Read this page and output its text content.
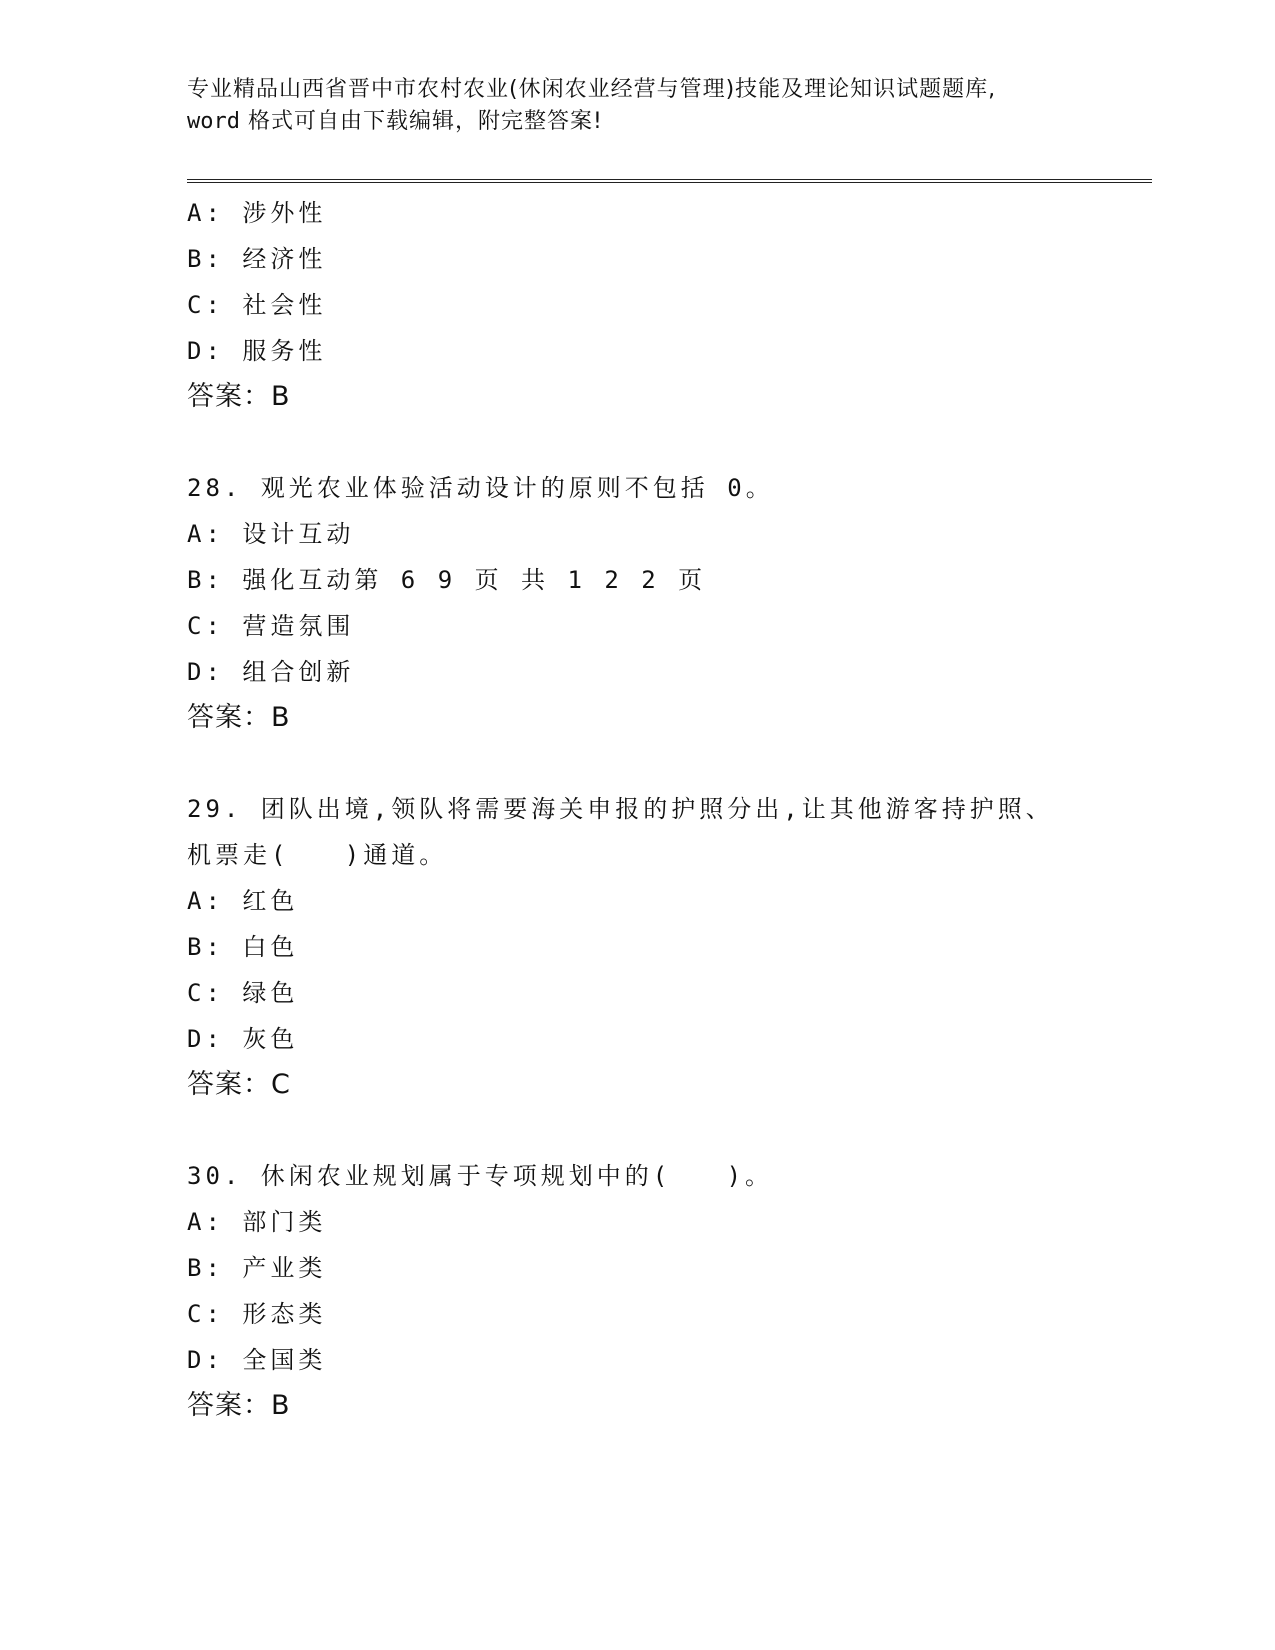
专业精品山西省晋中市农村农业(休闲农业经营与管理)技能及理论知识试题题库,
word 格式可自由下载编辑，附完整答案!
A: 涉外性
B: 经济性
C: 社会性
D: 服务性
答案：B
28. 观光农业体验活动设计的原则不包括 0。
A: 设计互动
B: 强化互动第 6 9 页 共 1 2 2 页
C: 营造氛围
D: 组合创新
答案：B
29. 团队出境,领队将需要海关申报的护照分出,让其他游客持护照、
机票走(   )通道。
A: 红色
B: 白色
C: 绿色
D: 灰色
答案：C
30. 休闲农业规划属于专项规划中的(   )。
A: 部门类
B: 产业类
C: 形态类
D: 全国类
答案：B
